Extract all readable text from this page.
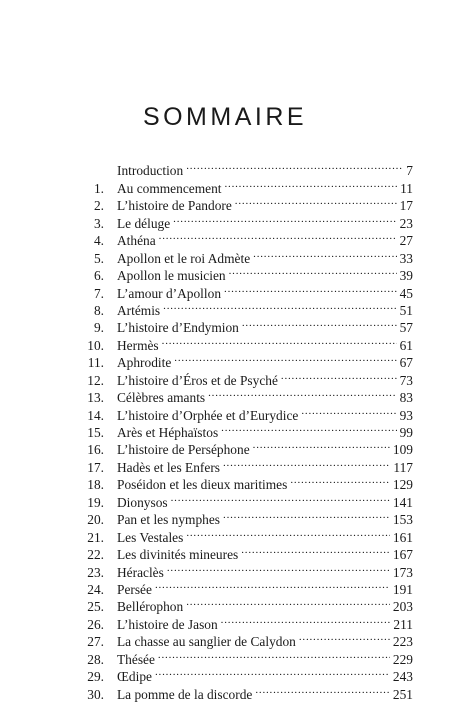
SOMMAIRE
Introduction .....	7
1. Au commencement .....	11
2. L’histoire de Pandore .....	17
3. Le déluge .....	23
4. Athéna .....	27
5. Apollon et le roi Admète .....	33
6. Apollon le musicien .....	39
7. L’amour d’Apollon .....	45
8. Artémis .....	51
9. L’histoire d’Endymion .....	57
10. Hermès .....	61
11. Aphrodite .....	67
12. L’histoire d’Éros et de Psyché .....	73
13. Célèbres amants .....	83
14. L’histoire d’Orphée et d’Eurydice .....	93
15. Arès et Héphaïstos .....	99
16. L’histoire de Perséphone .....	109
17. Hadès et les Enfers .....	117
18. Poséidon et les dieux maritimes .....	129
19. Dionysos .....	141
20. Pan et les nymphes .....	153
21. Les Vestales .....	161
22. Les divinités mineures .....	167
23. Héraclès .....	173
24. Persée .....	191
25. Bellérophon .....	203
26. L’histoire de Jason .....	211
27. La chasse au sanglier de Calydon .....	223
28. Thésée .....	229
29. Œdipe .....	243
30. La pomme de la discorde .....	251
